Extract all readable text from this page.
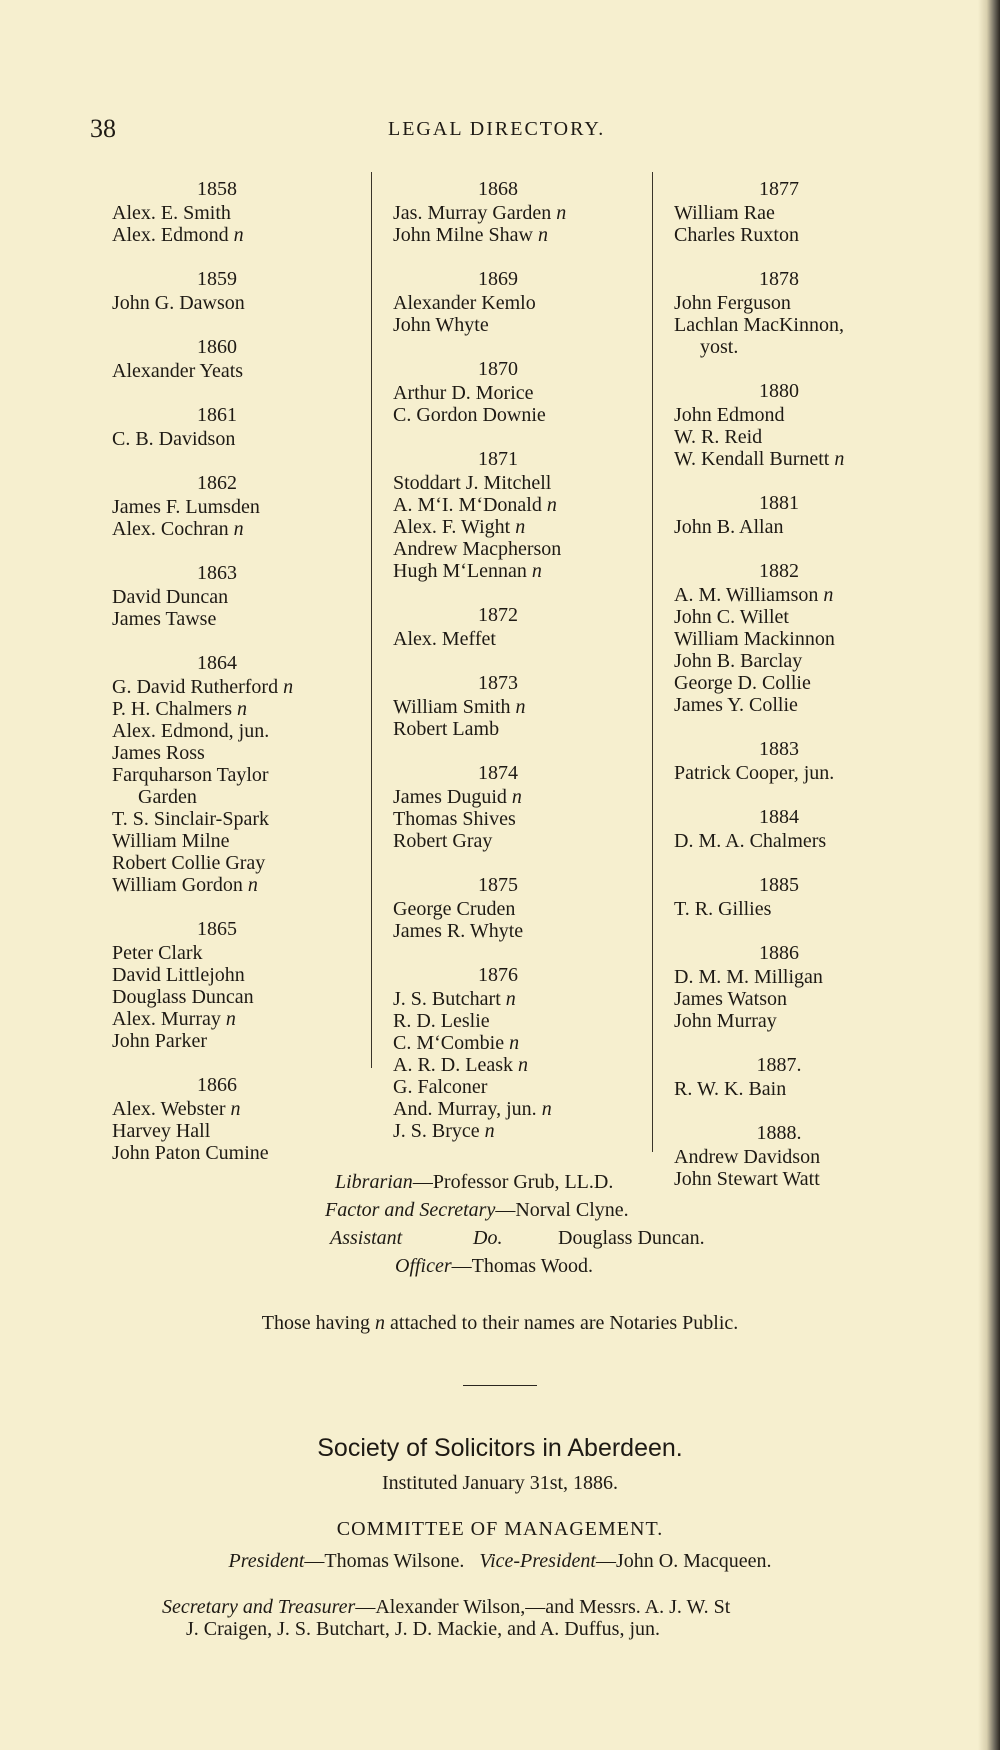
38	LEGAL DIRECTORY.
1858
Alex. E. Smith
Alex. Edmond n
1859
John G. Dawson
1860
Alexander Yeats
1861
C. B. Davidson
1862
James F. Lumsden
Alex. Cochran n
1863
David Duncan
James Tawse
1864
G. David Rutherford n
P. H. Chalmers n
Alex. Edmond, jun.
James Ross
Farquharson Taylor
Garden
T. S. Sinclair-Spark
William Milne
Robert Collie Gray
William Gordon n
1865
Peter Clark
David Littlejohn
Douglass Duncan
Alex. Murray n
John Parker
1866
Alex. Webster n
Harvey Hall
John Paton Cumine
1868
Jas. Murray Garden n
John Milne Shaw n
1869
Alexander Kemlo
John Whyte
1870
Arthur D. Morice
C. Gordon Downie
1871
Stoddart J. Mitchell
A. M‘I. M‘Donald n
Alex. F. Wight n
Andrew Macpherson
Hugh M‘Lennan n
1872
Alex. Meffet
1873
William Smith n
Robert Lamb
1874
James Duguid n
Thomas Shives
Robert Gray
1875
George Cruden
James R. Whyte
1876
J. S. Butchart n
R. D. Leslie
C. M‘Combie n
A. R. D. Leask n
G. Falconer
And. Murray, jun. n
J. S. Bryce n
1877
William Rae
Charles Ruxton
1878
John Ferguson
Lachlan MacKinnon,
yost.
1880
John Edmond
W. R. Reid
W. Kendall Burnett n
1881
John B. Allan
1882
A. M. Williamson n
John C. Willet
William Mackinnon
John B. Barclay
George D. Collie
James Y. Collie
1883
Patrick Cooper, jun.
1884
D. M. A. Chalmers
1885
T. R. Gillies
1886
D. M. M. Milligan
James Watson
John Murray
1887.
R. W. K. Bain
1888.
Andrew Davidson
John Stewart Watt
Librarian—Professor Grub, LL.D.
Factor and Secretary—Norval Clyne.
Assistant	Do.	Douglass Duncan.
Officer—Thomas Wood.
Those having n attached to their names are Notaries Public.
Society of Solicitors in Aberdeen.
Instituted January 31st, 1886.
COMMITTEE OF MANAGEMENT.
President—Thomas Wilsone. Vice-President—John O. Macqueen.
Secretary and Treasurer—Alexander Wilson,—and Messrs. A. J. W. St
J. Craigen, J. S. Butchart, J. D. Mackie, and A. Duffus, jun.
